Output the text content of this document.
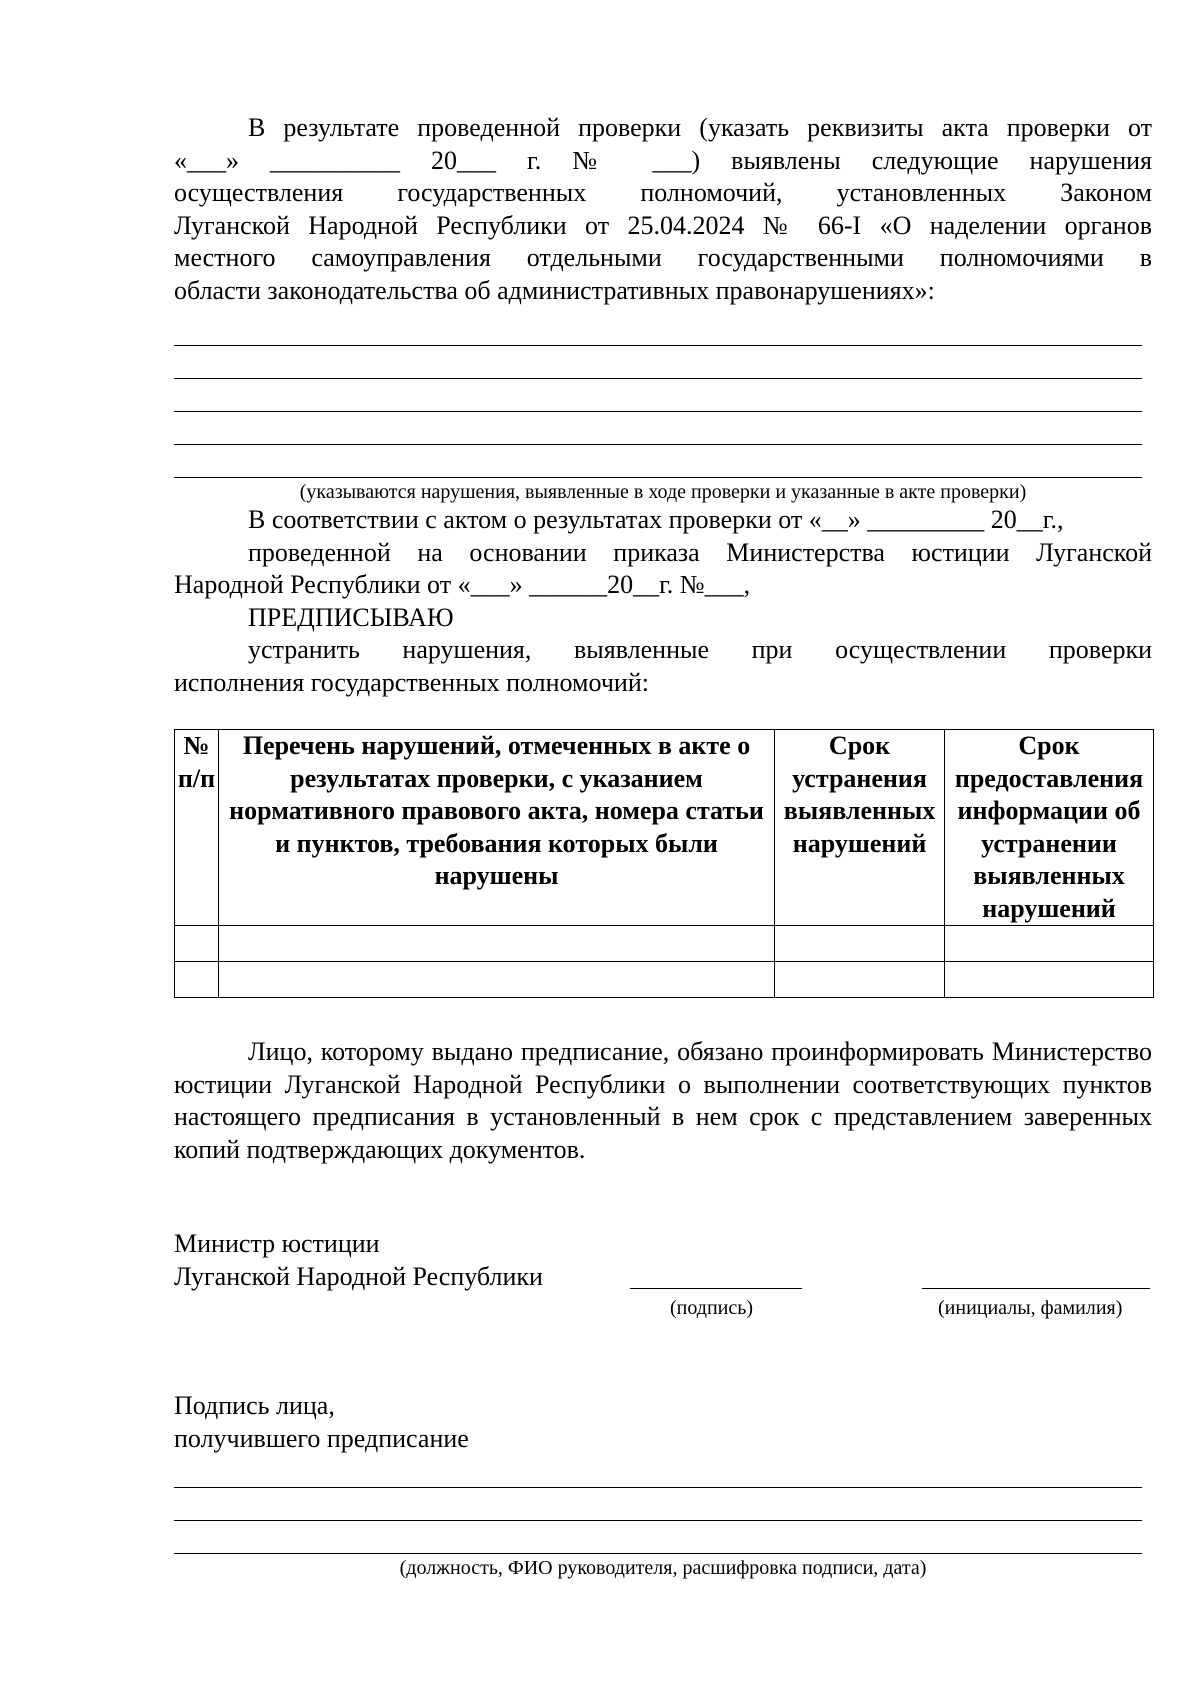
В результате проведенной проверки (указать реквизиты акта проверки от
«___» __________ 20___ г. № ___) выявлены следующие нарушения
осуществления государственных полномочий, установленных Законом
Луганской Народной Республики от 25.04.2024 № 66-I «О наделении органов
местного самоуправления отдельными государственными полномочиями в
области законодательства об административных правонарушениях»:
(указываются нарушения, выявленные в ходе проверки и указанные в акте проверки)
В соответствии с актом о результатах проверки от «__» _________ 20__г.,
проведенной на основании приказа Министерства юстиции Луганской
Народной Республики от «___» ______20__г. №___,
ПРЕДПИСЫВАЮ
устранить нарушения, выявленные при осуществлении проверки
исполнения государственных полномочий:
№ п/п	Перечень нарушений, отмеченных в акте о результатах проверки, с указанием нормативного правового акта, номера статьи и пунктов, требования которых были нарушены	Срок устранения выявленных нарушений	Срок предоставления информации об устранении выявленных нарушений

Лицо, которому выдано предписание, обязано проинформировать Министерство юстиции Луганской Народной Республики о выполнении соответствующих пунктов настоящего предписания в установленный в нем срок с представлением заверенных копий подтверждающих документов.
Министр юстиции
Луганской Народной Республики
(подпись)	(инициалы, фамилия)
Подпись лица,
получившего предписание
(должность, ФИО руководителя, расшифровка подписи, дата)
